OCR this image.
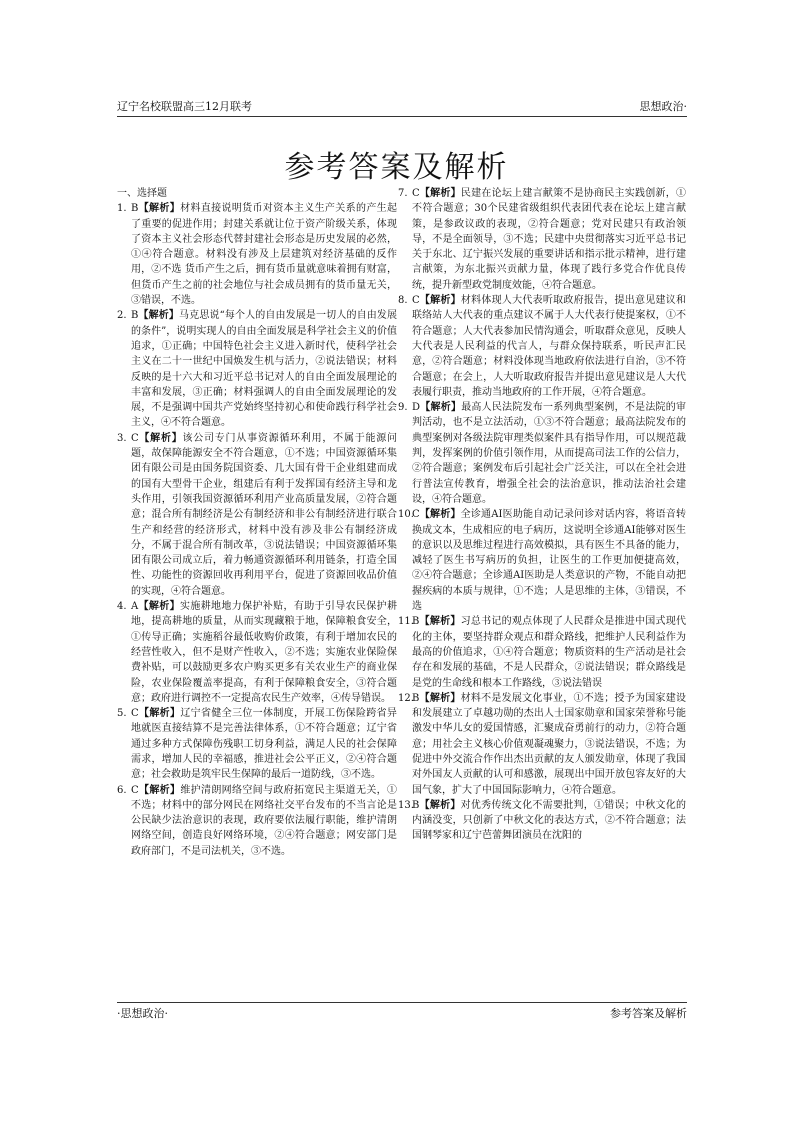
辽宁名校联盟高三12月联考	思想政治·
参考答案及解析

一、选择题

1. B【解析】材料直接说明货币对资本主义生产关系的产生起了重要的促进作用；封建关系就让位于资产阶级关系，体现了资本主义社会形态代替封建社会形态是历史发展的必然，①④符合题意。材料没有涉及上层建筑对经济基础的反作用，②不选 货币产生之后，拥有货币量就意味着拥有财富，但货币产生之前的社会地位与社会成员拥有的货币量无关，③错误，不选。

2. B【解析】马克思说“每个人的自由发展是一切人的自由发展的条件”，说明实现人的自由全面发展是科学社会主义的价值追求，①正确；中国特色社会主义进入新时代，使科学社会主义在二十一世纪中国焕发生机与活力，②说法错误；材料反映的是十六大和习近平总书记对人的自由全面发展理论的丰富和发展，③正确；材料强调人的自由全面发展理论的发展，不是强调中国共产党始终坚持初心和使命践行科学社会主义，④不符合题意。

3. C【解析】该公司专门从事资源循环利用，不属于能源问题，故保障能源安全不符合题意，①不选；中国资源循环集团有限公司是由国务院国资委、几大国有骨干企业组建而成的国有大型骨干企业，组建后有利于发挥国有经济主导和龙头作用，引领我国资源循环利用产业高质量发展，②符合题意；混合所有制经济是公有制经济和非公有制经济进行联合生产和经营的经济形式，材料中没有涉及非公有制经济成分，不属于混合所有制改革，③说法错误；中国资源循环集团有限公司成立后，着力畅通资源循环利用链条，打造全国性、功能性的资源回收再利用平台，促进了资源回收品价值的实现，④符合题意。

4. A【解析】实施耕地地力保护补贴，有助于引导农民保护耕地，提高耕地的质量，从而实现藏粮于地，保障粮食安全，①传导正确；实施稻谷最低收购价政策，有利于增加农民的经营性收入，但不是财产性收入，②不选；实施农业保险保费补贴，可以鼓励更多农户购买更多有关农业生产的商业保险，农业保险覆盖率提高，有利于保障粮食安全，③符合题意；政府进行调控不一定提高农民生产效率，④传导错误。

5. C【解析】辽宁省健全三位一体制度，开展工伤保险跨省异地就医直接结算不是完善法律体系，①不符合题意；辽宁省通过多种方式保障伤残职工切身利益，满足人民的社会保障需求，增加人民的幸福感，推进社会公平正义，②④符合题意；社会救助是筑牢民生保障的最后一道防线，③不选。

6. C【解析】维护清朗网络空间与政府拓宽民主渠道无关，①不选；材料中的部分网民在网络社交平台发布的不当言论是公民缺少法治意识的表现，政府要依法履行职能，维护清朗网络空间，创造良好网络环境，②④符合题意；网安部门是政府部门，不是司法机关，③不选。

7. C【解析】民建在论坛上建言献策不是协商民主实践创新，①不符合题意；30个民建省级组织代表团代表在论坛上建言献策，是参政议政的表现，②符合题意；党对民建只有政治领导，不是全面领导，③不选；民建中央贯彻落实习近平总书记关于东北、辽宁振兴发展的重要讲话和指示批示精神，进行建言献策，为东北振兴贡献力量，体现了践行多党合作优良传统，提升新型政党制度效能，④符合题意。

8. C【解析】材料体现人大代表听取政府报告，提出意见建议和联络站人大代表的重点建议不属于人大代表行使提案权，①不符合题意；人大代表参加民情沟通会，听取群众意见，反映人大代表是人民利益的代言人，与群众保持联系，听民声汇民意，②符合题意；材料没体现当地政府依法进行自治，③不符合题意；在会上，人大听取政府报告并提出意见建议是人大代表履行职责，推动当地政府的工作开展，④符合题意。

9. D【解析】最高人民法院发布一系列典型案例，不是法院的审判活动，也不是立法活动，①③不符合题意；最高法院发布的典型案例对各级法院审理类似案件具有指导作用，可以规范裁判，发挥案例的价值引领作用，从而提高司法工作的公信力，②符合题意；案例发布后引起社会广泛关注，可以在全社会进行普法宣传教育，增强全社会的法治意识，推动法治社会建设，④符合题意。

10.
C【解析】全诊通AI医助能自动记录问诊对话内容，将语音转换成文本，生成相应的电子病历，这说明全诊通AI能够对医生的意识以及思维过程进行高效模拟，具有医生不具备的能力，减轻了医生书写病历的负担，让医生的工作更加便捷高效，②④符合题意；全诊通AI医助是人类意识的产物，不能自动把握疾病的本质与规律，①不选；人是思维的主体，③错误，不选

11.
B【解析】习总书记的观点体现了人民群众是推进中国式现代化的主体，要坚持群众观点和群众路线，把维护人民利益作为最高的价值追求，①④符合题意；物质资料的生产活动是社会存在和发展的基础，不是人民群众，②说法错误；群众路线是是党的生命线和根本工作路线，③说法错误

12.
B【解析】材料不是发展文化事业，①不选；授予为国家建设和发展建立了卓越功勋的杰出人士国家勋章和国家荣誉称号能激发中华儿女的爱国情感，汇聚成奋勇前行的动力，②符合题意；用社会主义核心价值观凝魂聚力，③说法错误，不选；为促进中外交流合作作出杰出贡献的友人颁发勋章，体现了我国对外国友人贡献的认可和感激，展现出中国开放包容友好的大国气象，扩大了中国国际影响力，④符合题意。

13.
B【解析】对优秀传统文化不需要批判，①错误；中秋文化的内涵没变，只创新了中秋文化的表达方式，②不符合题意；法国钢琴家和辽宁芭蕾舞团演员在沈阳的

·思想政治·	参考答案及解析
